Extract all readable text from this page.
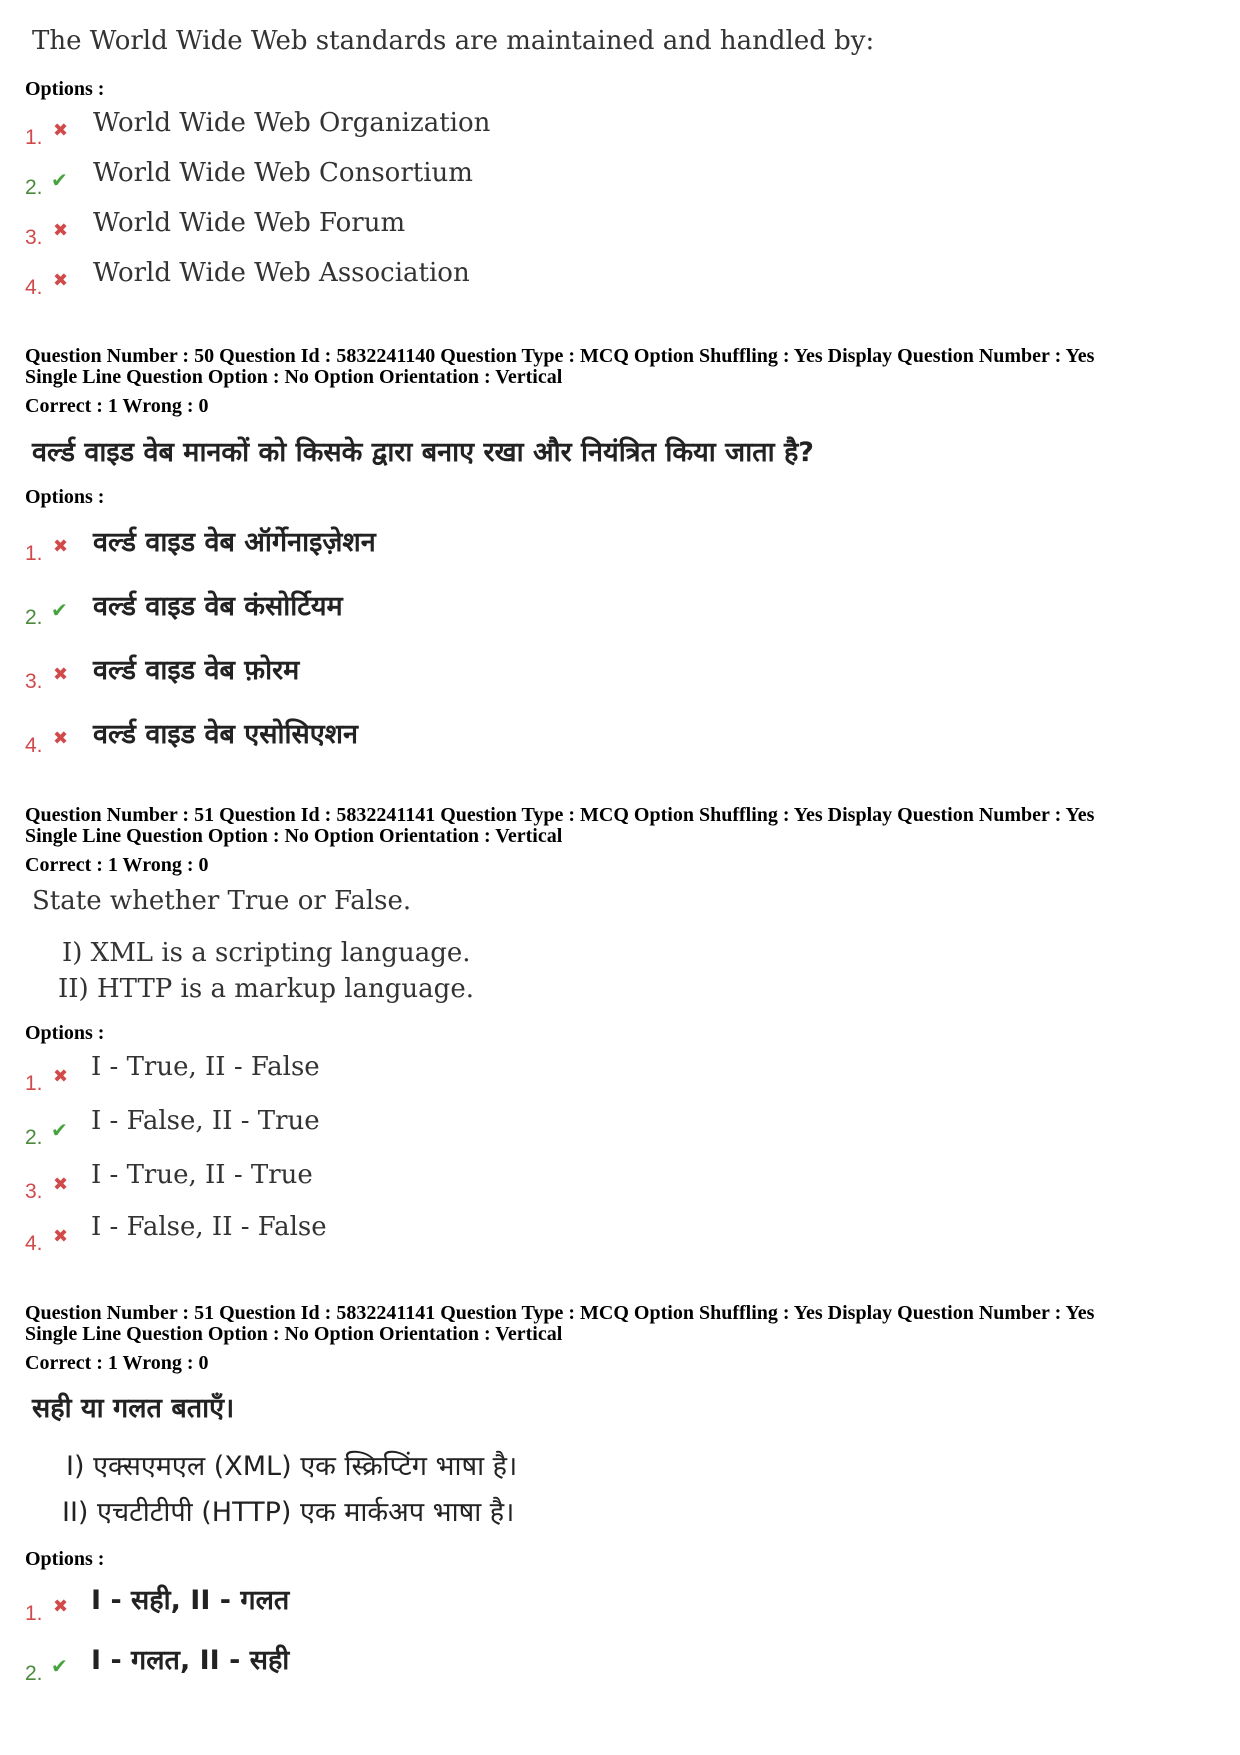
The World Wide Web standards are maintained and handled by:
Options :
1. ✖ World Wide Web Organization
2. ✔ World Wide Web Consortium
3. ✖ World Wide Web Forum
4. ✖ World Wide Web Association
Question Number : 50 Question Id : 5832241140 Question Type : MCQ Option Shuffling : Yes Display Question Number : Yes
Single Line Question Option : No Option Orientation : Vertical
Correct : 1 Wrong : 0
वर्ल्ड वाइड वेब मानकों को किसके द्वारा बनाए रखा और नियंत्रित किया जाता है?
Options :
1. ✖ वर्ल्ड वाइड वेब ऑर्गेनाइज़ेशन
2. ✔ वर्ल्ड वाइड वेब कंसोर्टियम
3. ✖ वर्ल्ड वाइड वेब फ़ोरम
4. ✖ वर्ल्ड वाइड वेब एसोसिएशन
Question Number : 51 Question Id : 5832241141 Question Type : MCQ Option Shuffling : Yes Display Question Number : Yes
Single Line Question Option : No Option Orientation : Vertical
Correct : 1 Wrong : 0
State whether True or False.
I) XML is a scripting language.
II) HTTP is a markup language.
Options :
1. ✖ I - True, II - False
2. ✔ I - False, II - True
3. ✖ I - True, II - True
4. ✖ I - False, II - False
Question Number : 51 Question Id : 5832241141 Question Type : MCQ Option Shuffling : Yes Display Question Number : Yes
Single Line Question Option : No Option Orientation : Vertical
Correct : 1 Wrong : 0
सही या गलत बताएँ।
I) एक्सएमएल (XML) एक स्क्रिप्टिंग भाषा है।
II) एचटीटीपी (HTTP) एक मार्कअप भाषा है।
Options :
1. ✖ I - सही, II - गलत
2. ✔ I - गलत, II - सही
